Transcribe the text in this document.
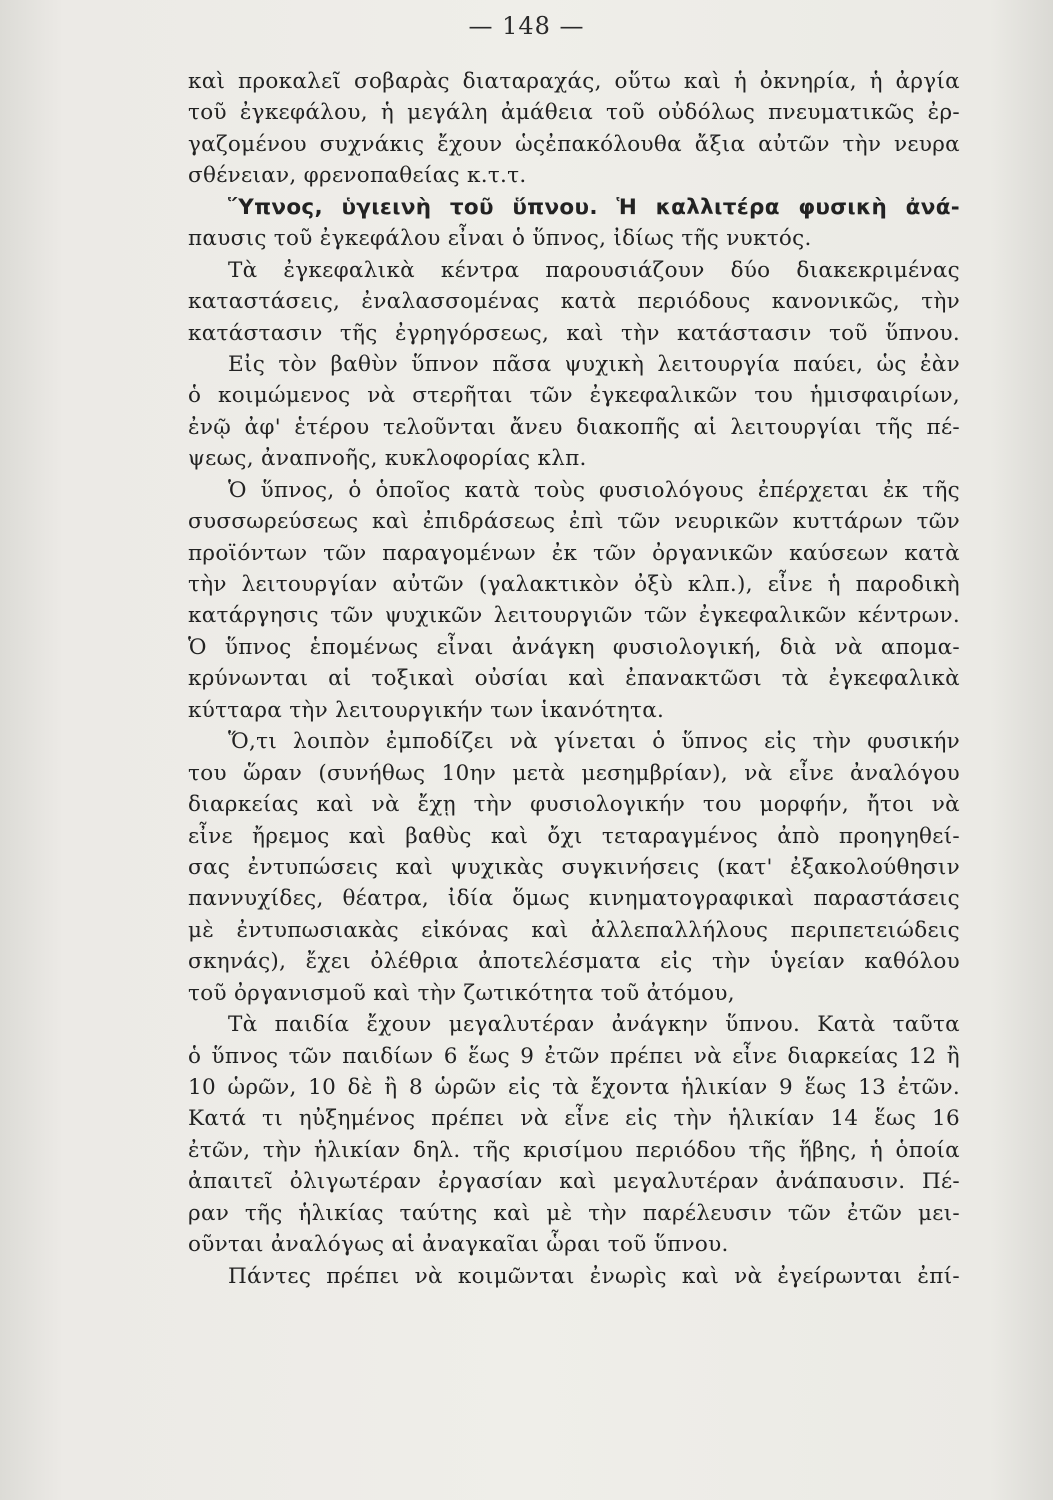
— 148 —
καὶ προκαλεῖ σοβαρὰς διαταραχάς, οὕτω καὶ ἡ ὀκνηρία, ἡ ἀργία
τοῦ ἐγκεφάλου, ἡ μεγάλη ἀμάθεια τοῦ οὐδόλως πνευματικῶς ἐρ-
γαζομένου συχνάκις ἔχουν ὡςἐπακόλουθα ἄξια αὐτῶν τὴν νευρα
σθένειαν, φρενοπαθείας κ.τ.τ.
Ὕπνος, ὑγιεινὴ τοῦ ὕπνου. Ἡ καλλιτέρα φυσικὴ ἀνά-
παυσις τοῦ ἐγκεφάλου εἶναι ὁ ὕπνος, ἰδίως τῆς νυκτός.
Τὰ ἐγκεφαλικὰ κέντρα παρουσιάζουν δύο διακεκριμένας
καταστάσεις, ἐναλασσομένας κατὰ περιόδους κανονικῶς, τὴν
κατάστασιν τῆς ἐγρηγόρσεως, καὶ τὴν κατάστασιν τοῦ ὕπνου.
Εἰς τὸν βαθὺν ὕπνον πᾶσα ψυχικὴ λειτουργία παύει, ὡς ἐὰν
ὁ κοιμώμενος νὰ στερῆται τῶν ἐγκεφαλικῶν του ἡμισφαιρίων,
ἐνῷ ἀφ' ἑτέρου τελοῦνται ἄνευ διακοπῆς αἱ λειτουργίαι τῆς πέ-
ψεως, ἀναπνοῆς, κυκλοφορίας κλπ.
Ὁ ὕπνος, ὁ ὁποῖος κατὰ τοὺς φυσιολόγους ἐπέρχεται ἐκ τῆς
συσσωρεύσεως καὶ ἐπιδράσεως ἐπὶ τῶν νευρικῶν κυττάρων τῶν
προϊόντων τῶν παραγομένων ἐκ τῶν ὀργανικῶν καύσεων κατὰ
τὴν λειτουργίαν αὐτῶν (γαλακτικὸν ὀξὺ κλπ.), εἶνε ἡ παροδικὴ
κατάργησις τῶν ψυχικῶν λειτουργιῶν τῶν ἐγκεφαλικῶν κέντρων.
Ὁ ὕπνος ἑπομένως εἶναι ἀνάγκη φυσιολογική, διὰ νὰ απομα-
κρύνωνται αἱ τοξικαὶ οὐσίαι καὶ ἐπανακτῶσι τὰ ἐγκεφαλικὰ
κύτταρα τὴν λειτουργικήν των ἱκανότητα.
Ὅ,τι λοιπὸν ἐμποδίζει νὰ γίνεται ὁ ὕπνος εἰς τὴν φυσικήν
του ὥραν (συνήθως 10ην μετὰ μεσημβρίαν), νὰ εἶνε ἀναλόγου
διαρκείας καὶ νὰ ἔχῃ τὴν φυσιολογικήν του μορφήν, ἤτοι νὰ
εἶνε ἤρεμος καὶ βαθὺς καὶ ὄχι τεταραγμένος ἀπὸ προηγηθεί-
σας ἐντυπώσεις καὶ ψυχικὰς συγκινήσεις (κατ' ἐξακολούθησιν
παννυχίδες, θέατρα, ἰδία ὅμως κινηματογραφικαὶ παραστάσεις
μὲ ἐντυπωσιακὰς εἰκόνας καὶ ἀλλεπαλλήλους περιπετειώδεις
σκηνάς), ἔχει ὀλέθρια ἀποτελέσματα εἰς τὴν ὑγείαν καθόλου
τοῦ ὀργανισμοῦ καὶ τὴν ζωτικότητα τοῦ ἀτόμου,
Τὰ παιδία ἔχουν μεγαλυτέραν ἀνάγκην ὕπνου. Κατὰ ταῦτα
ὁ ὕπνος τῶν παιδίων 6 ἕως 9 ἐτῶν πρέπει νὰ εἶνε διαρκείας 12 ἢ
10 ὡρῶν, 10 δὲ ἢ 8 ὡρῶν εἰς τὰ ἔχοντα ἡλικίαν 9 ἕως 13 ἐτῶν.
Κατά τι ηὐξημένος πρέπει νὰ εἶνε εἰς τὴν ἡλικίαν 14 ἕως 16
ἐτῶν, τὴν ἡλικίαν δηλ. τῆς κρισίμου περιόδου τῆς ἥβης, ἡ ὁποία
ἀπαιτεῖ ὀλιγωτέραν ἐργασίαν καὶ μεγαλυτέραν ἀνάπαυσιν. Πέ-
ραν τῆς ἡλικίας ταύτης καὶ μὲ τὴν παρέλευσιν τῶν ἐτῶν μει-
οῦνται ἀναλόγως αἱ ἀναγκαῖαι ὧραι τοῦ ὕπνου.
Πάντες πρέπει νὰ κοιμῶνται ἐνωρὶς καὶ νὰ ἐγείρωνται ἐπί-
